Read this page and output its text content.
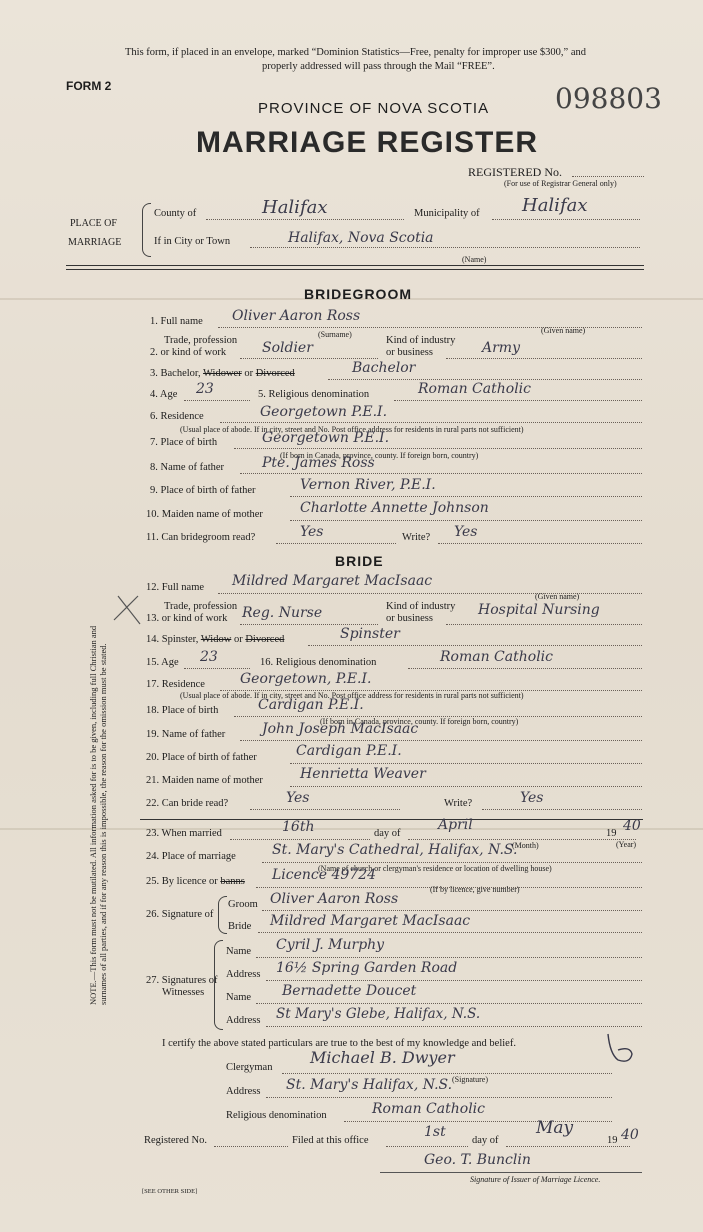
This form, if placed in an envelope, marked “Dominion Statistics—Free, penalty for improper use $300,” and
properly addressed will pass through the Mail “FREE”.
FORM 2	098803
PROVINCE OF NOVA SCOTIA
MARRIAGE REGISTER
REGISTERED No.
(For use of Registrar General only)
PLACE OF
MARRIAGE
County of	Halifax	Municipality of Halifax
If in City or Town	Halifax, Nova Scotia
(Name)
BRIDEGROOM
1. Full name Oliver Aaron Ross
(Surname)	(Given name)
Trade, profession
2. or kind of work	Soldier	Kind of industry
or business	Army
3. Bachelor, Widower or Divorced	Bachelor
4. Age 23	5. Religious denomination	Roman Catholic
6. Residence	Georgetown P.E.I.
(Usual place of abode. If in city, street and No. Post office address for residents in rural parts not sufficient)
7. Place of birth	Georgetown P.E.I.
(If born in Canada, province, county. If foreign born, country)
8. Name of father	Pte. James Ross
9. Place of birth of father	Vernon River, P.E.I.
10. Maiden name of mother	Charlotte Annette Johnson
11. Can bridegroom read?	Yes	Write? Yes
BRIDE
12. Full name Mildred Margaret MacIsaac
(Given name)
Trade, profession
13. or kind of work Reg. Nurse	Kind of industry
or business
Hospital Nursing
14. Spinster, Widow or Divorced	Spinster
15. Age 23	16. Religious denomination	Roman Catholic
17. Residence	Georgetown, P.E.I.
(Usual place of abode. If in city, street and No. Post office address for residents in rural parts not sufficient)
18. Place of birth	Cardigan P.E.I.
(If born in Canada, province, county. If foreign born, country)
19. Name of father	John Joseph MacIsaac
20. Place of birth of father	Cardigan P.E.I.
21. Maiden name of mother	Henrietta Weaver
22. Can bride read?	Yes	Write?	Yes
23. When married	16th	day of
April
19 40
(Month)	(Year)
24. Place of marriage	St. Mary's Cathedral, Halifax, N.S.
(Name of church or clergyman's residence or location of dwelling house)
25. By licence or banns Licence 49724
(If by licence, give number)
26. Signature of
Groom Oliver Aaron Ross
Bride Mildred Margaret MacIsaac
27. Signatures of
Witnesses
Name Cyril J. Murphy
Address 16½ Spring Garden Road
Name Bernadette Doucet
Address St Mary's Glebe, Halifax, N.S.
I certify the above stated particulars are true to the best of my knowledge and belief.
Clergyman
Michael B. Dwyer
(Signature)
Address St. Mary's Halifax, N.S.
Religious denomination	Roman Catholic
Registered No.	Filed at this office
1st
day of
May
19 40
Geo. T. Bunclin
Signature of Issuer of Marriage Licence.
[SEE OTHER SIDE]
NOTE.—This form must not be mutilated. All information asked for is to be given, including full Christian and surnames of all parties, and if for any reason this is impossible, the reason for the omission must be stated.
